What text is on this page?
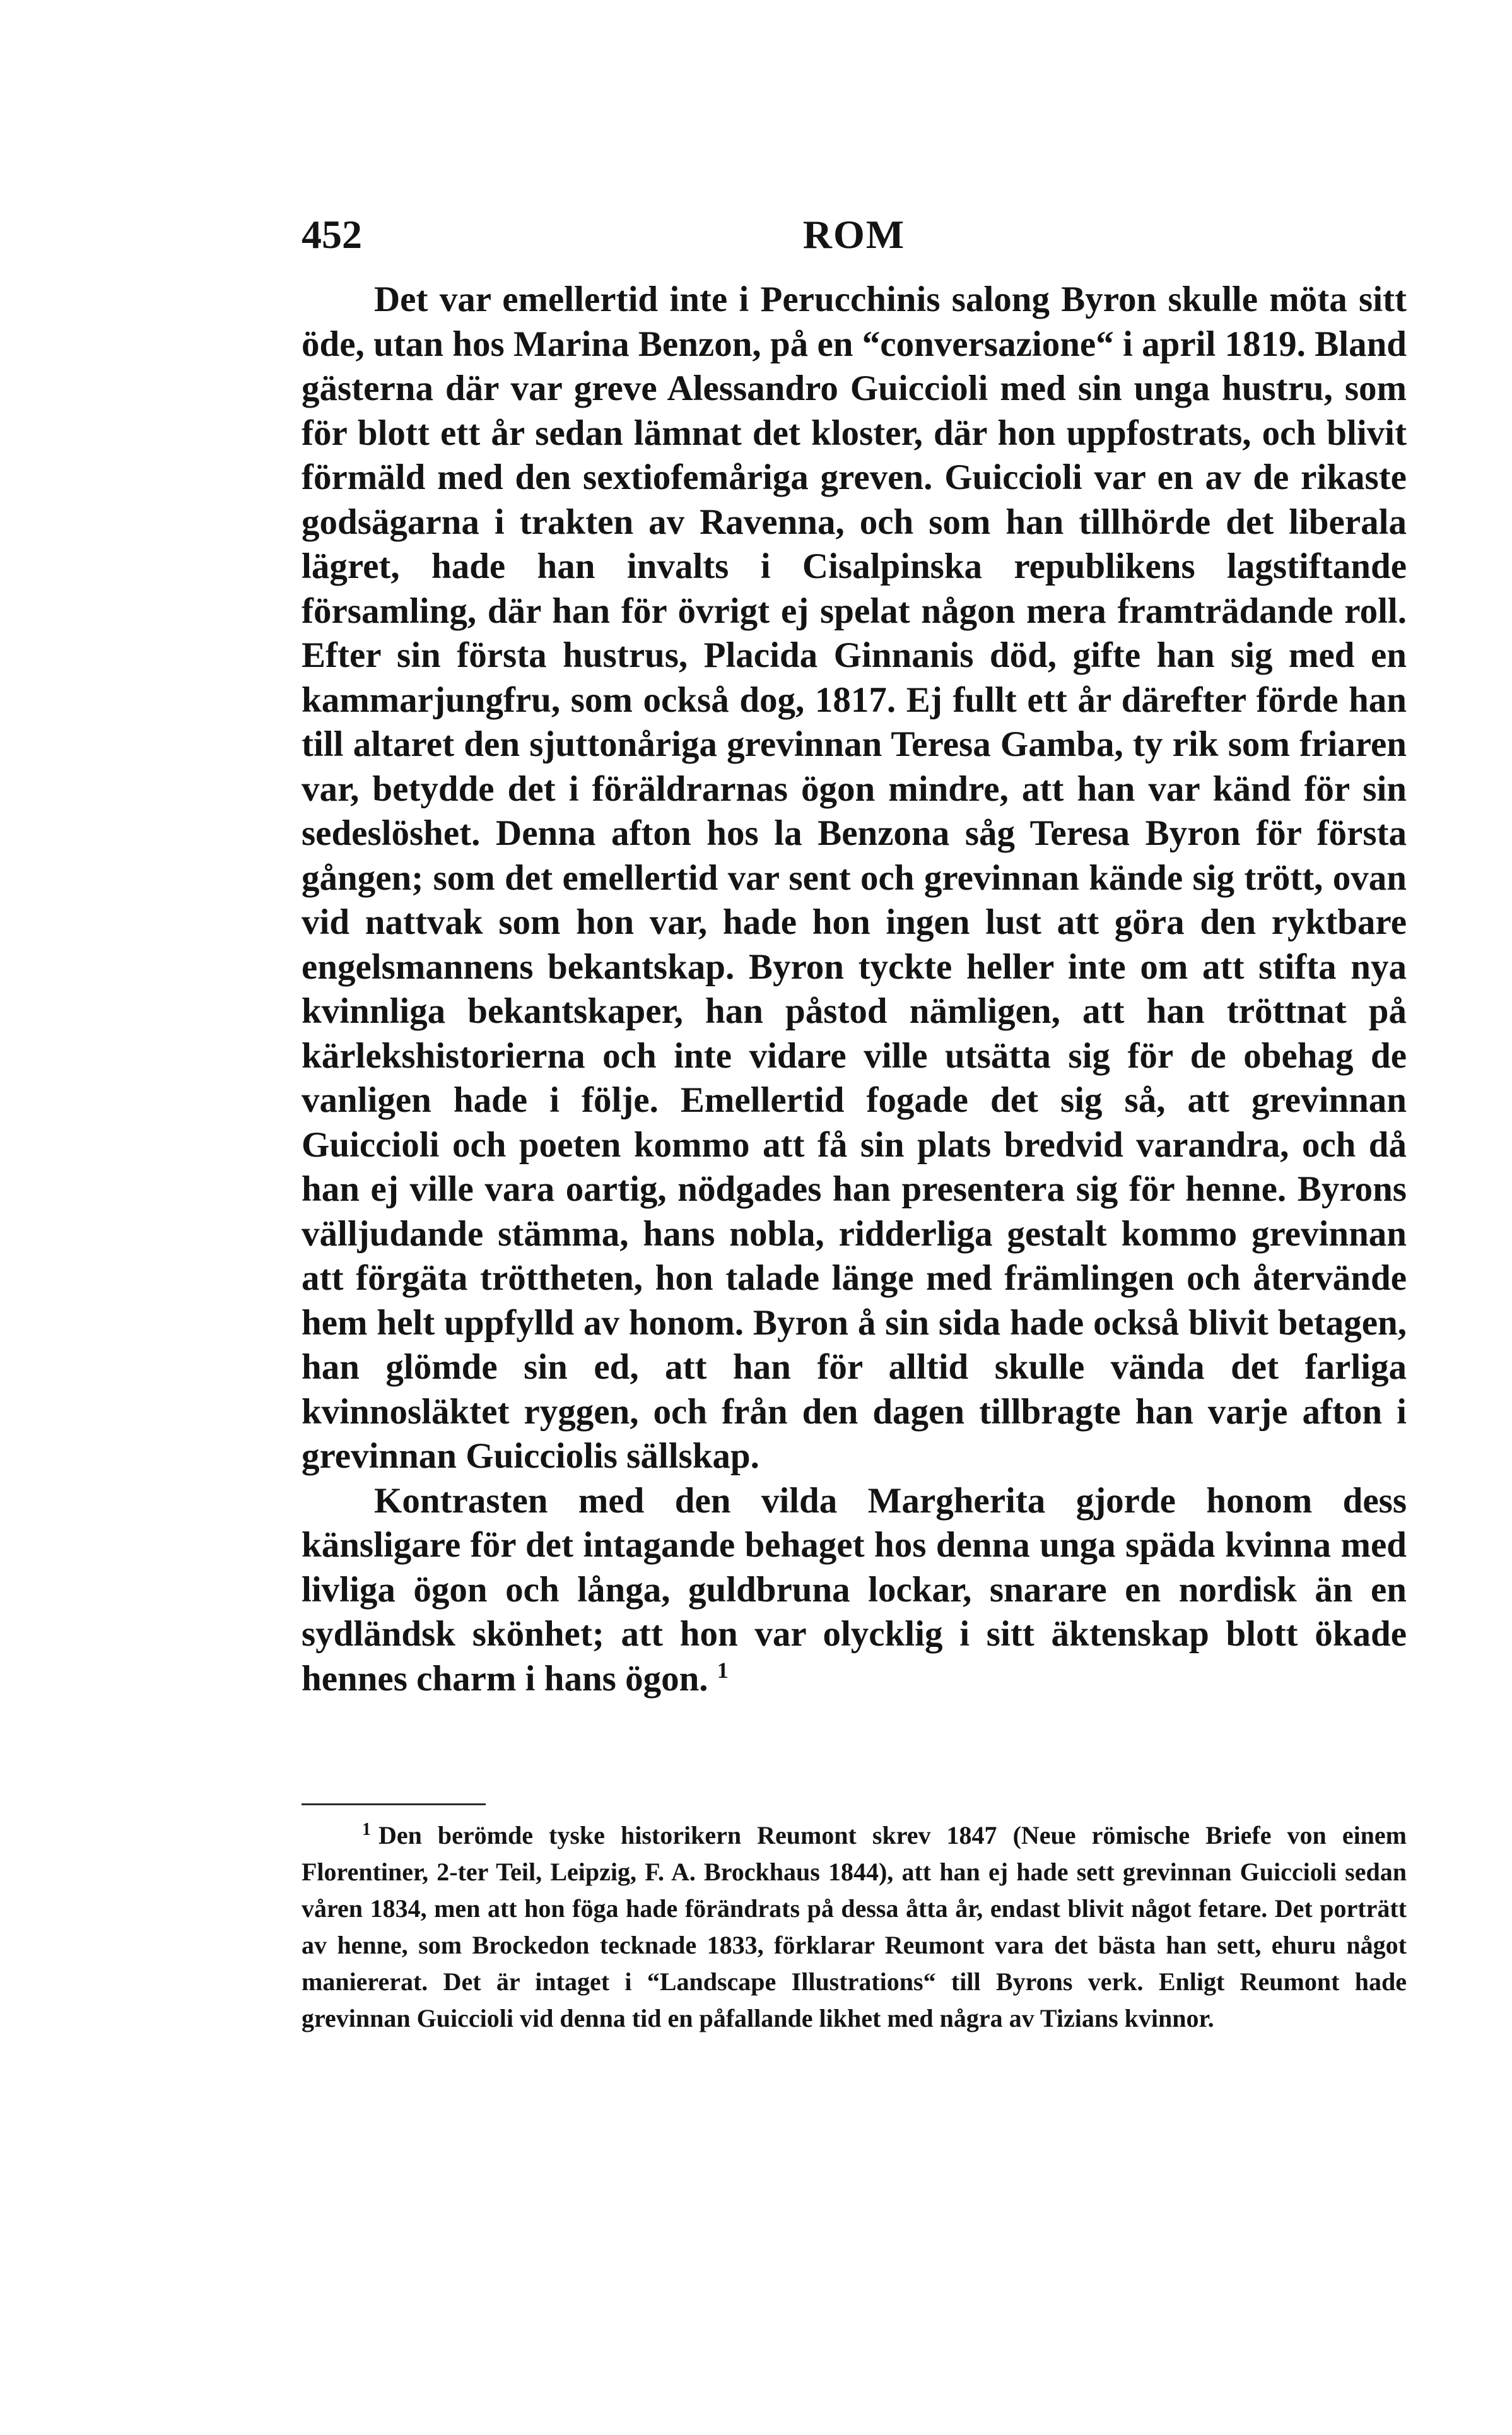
452	ROM

Det var emellertid inte i Perucchinis salong Byron skulle möta sitt öde, utan hos Marina Benzon, på en “conversazione“ i april 1819. Bland gästerna där var greve Alessandro Guiccioli med sin unga hustru, som för blott ett år sedan lämnat det kloster, där hon uppfostrats, och blivit förmäld med den sextiofemåriga greven. Guiccioli var en av de rikaste godsägarna i trakten av Ravenna, och som han tillhörde det liberala lägret, hade han invalts i Cisalpinska republikens lagstiftande församling, där han för övrigt ej spelat någon mera framträdande roll. Efter sin första hustrus, Placida Ginnanis död, gifte han sig med en kammarjungfru, som också dog, 1817. Ej fullt ett år därefter förde han till altaret den sjuttonåriga grevinnan Teresa Gamba, ty rik som friaren var, betydde det i föräldrarnas ögon mindre, att han var känd för sin sedeslöshet. Denna afton hos la Benzona såg Teresa Byron för första gången; som det emellertid var sent och grevinnan kände sig trött, ovan vid nattvak som hon var, hade hon ingen lust att göra den ryktbare engelsmannens bekantskap. Byron tyckte heller inte om att stifta nya kvinnliga bekantskaper, han påstod nämligen, att han tröttnat på kärlekshistorierna och inte vidare ville utsätta sig för de obehag de vanligen hade i följe. Emellertid fogade det sig så, att grevinnan Guiccioli och poeten kommo att få sin plats bredvid varandra, och då han ej ville vara oartig, nödgades han presentera sig för henne. Byrons välljudande stämma, hans nobla, ridderliga gestalt kommo grevinnan att förgäta tröttheten, hon talade länge med främlingen och återvände hem helt uppfylld av honom. Byron å sin sida hade också blivit betagen, han glömde sin ed, att han för alltid skulle vända det farliga kvinnosläktet ryggen, och från den dagen tillbragte han varje afton i grevinnan Guicciolis sällskap.

Kontrasten med den vilda Margherita gjorde honom dess känsligare för det intagande behaget hos denna unga späda kvinna med livliga ögon och långa, guldbruna lockar, snarare en nordisk än en sydländsk skönhet; att hon var olycklig i sitt äktenskap blott ökade hennes charm i hans ögon. $^1$

$^1$ Den berömde tyske historikern Reumont skrev 1847 (Neue römische Briefe von einem Florentiner, 2-ter Teil, Leipzig, F. A. Brockhaus 1844), att han ej hade sett grevinnan Guiccioli sedan våren 1834, men att hon föga hade förändrats på dessa åtta år, endast blivit något fetare. Det porträtt av henne, som Brockedon tecknade 1833, förklarar Reumont vara det bästa han sett, ehuru något maniererat. Det är intaget i “Landscape Illustrations“ till Byrons verk. Enligt Reumont hade grevinnan Guiccioli vid denna tid en påfallande likhet med några av Tizians kvinnor.
